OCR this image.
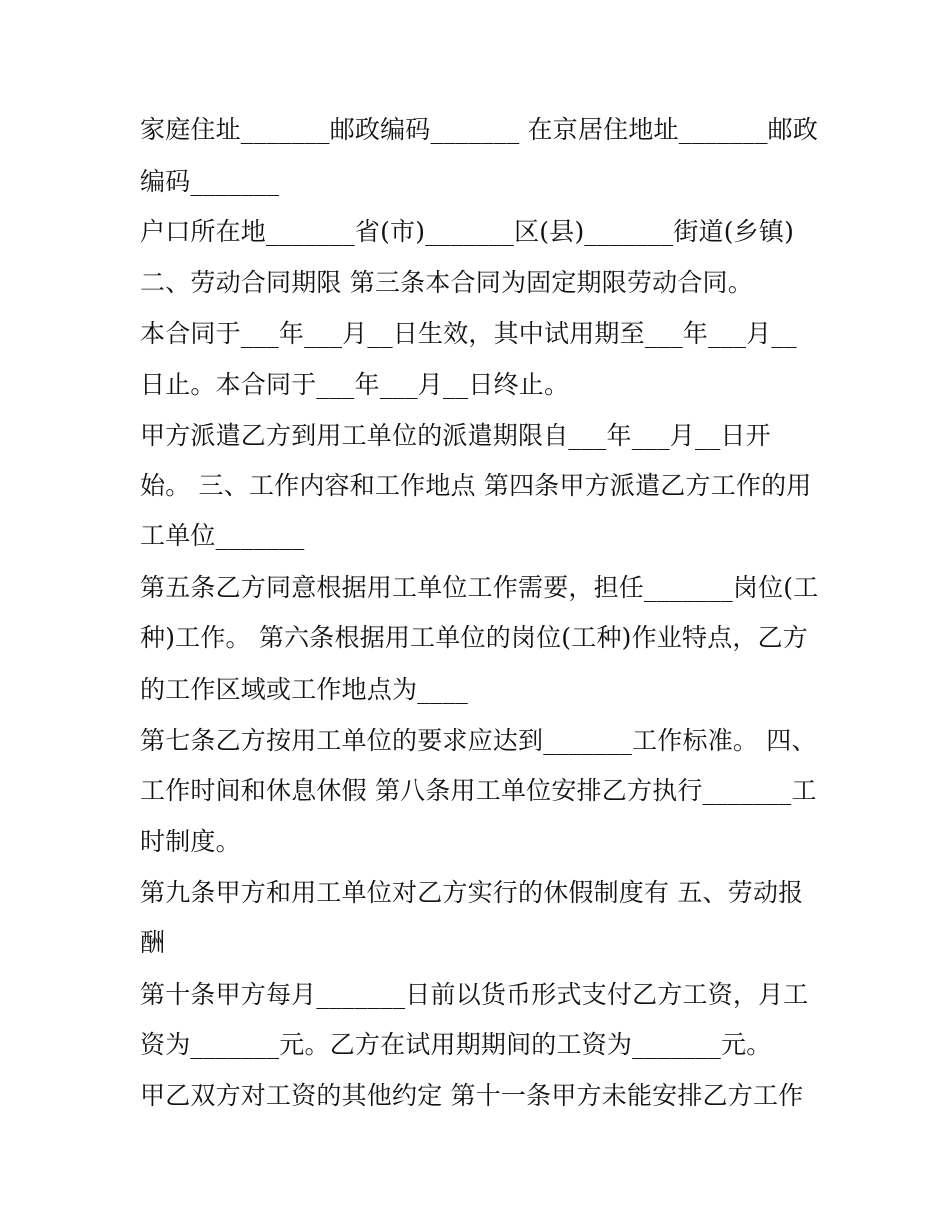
家庭住址_______邮政编码_______ 在京居住地址_______邮政
编码_______
户口所在地_______省(市)_______区(县)_______街道(乡镇)
二、劳动合同期限 第三条本合同为固定期限劳动合同。
本合同于___年___月__日生效，其中试用期至___年___月__
日止。本合同于___年___月__日终止。
甲方派遣乙方到用工单位的派遣期限自___年___月__日开
始。 三、工作内容和工作地点 第四条甲方派遣乙方工作的用
工单位_______
第五条乙方同意根据用工单位工作需要，担任_______岗位(工
种)工作。 第六条根据用工单位的岗位(工种)作业特点，乙方
的工作区域或工作地点为____
第七条乙方按用工单位的要求应达到_______工作标准。 四、
工作时间和休息休假 第八条用工单位安排乙方执行_______工
时制度。
第九条甲方和用工单位对乙方实行的休假制度有 五、劳动报
酬
第十条甲方每月_______日前以货币形式支付乙方工资，月工
资为_______元。乙方在试用期期间的工资为_______元。
甲乙双方对工资的其他约定 第十一条甲方未能安排乙方工作
